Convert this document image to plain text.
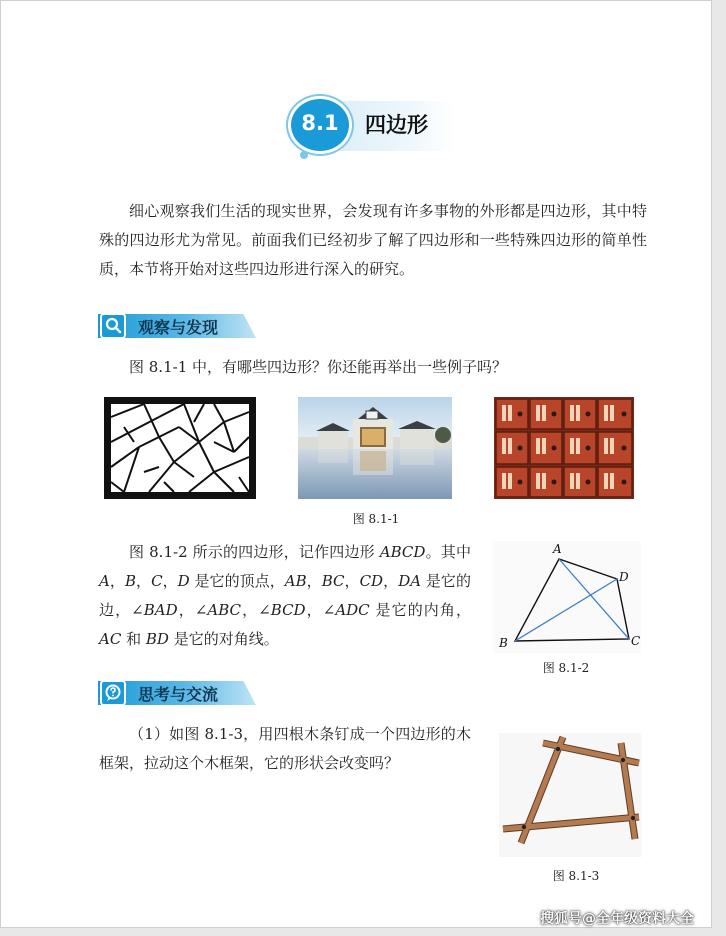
8.1	四边形
细心观察我们生活的现实世界，会发现有许多事物的外形都是四边形，其中特殊的四边形尤为常见。前面我们已经初步了解了四边形和一些特殊四边形的简单性质，本节将开始对这些四边形进行深入的研究。
观察与发现
图 8.1-1 中，有哪些四边形？你还能再举出一些例子吗？
图 8.1-1
图 8.1-2 所示的四边形，记作四边形 ABCD。其中 A，B，C，D 是它的顶点，AB，BC，CD，DA 是它的边，∠BAD，∠ABC，∠BCD，∠ADC 是它的内角，AC 和 BD 是它的对角线。
A
B	C
D
图 8.1-2
思考与交流
（1）如图 8.1-3，用四根木条钉成一个四边形的木框架，拉动这个木框架，它的形状会改变吗？
图 8.1-3
搜狐号@全年级资料大全
